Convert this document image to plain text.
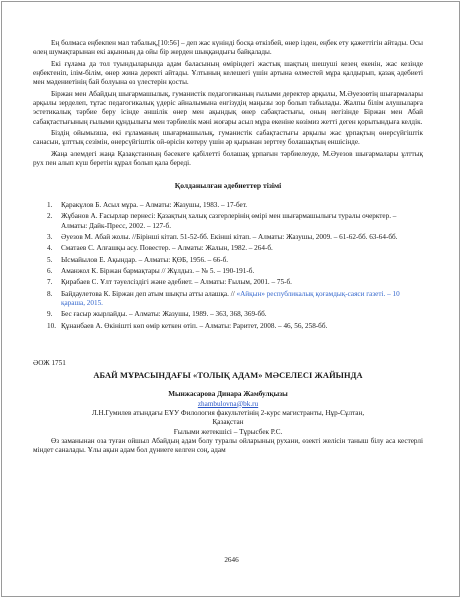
Ең болмаса еңбекпен мал табалық,[10:56] – деп жас күнінді босқа өткізбей, өнер ізден, еңбек ету қажеттігін айтады. Осы өлең шумақтарынан екі ақынның да ойы бір жерден шыққандығы байқалады.

Екі ғұлама да тол туындыларында адам баласының өміріндегі жастық шақтың шешуші кезең екенін, жас кезінде еңбектеніп, ілім-білім, өнер жина деректі айтады. Ұлтының келешегі үшін артына өлместей мұра қалдырып, қазақ әдебиеті мен мәдениетінің бай болуына өз үлестерін қосты.

Біржан мен Абайдың шығармашылық, гуманистік педагогиканың ғылыми деректер арқылы, М.Әуезовтің шығармалары арқылы зерделеп, тұтас педагогикалық үдеріс айналымына енгізудің маңызы зор болып табылады. Жалпы білім алушыларға эстетикалық тәрбие беру ісінде әншілік өнер мен ақындық өнер сабақтастығы, оның негізінде Біржан мен Абай сабақтастығының ғылыми құндылығы мен тәрбиелік мәні жоғары асыл мұра екеніне көзімиз жетті деген қорытындыға келдік.

Біздің ойымызша, екі ғұламаның шығармашылық, гуманистік сабақтастығы арқылы жас ұрпақтың өнерсүйгіштік санасын, ұлттық сезімін, өнерсүйгіштік ой-өрісін көтеру үшін әр қырынан зерттеу болашақтың еншісінде.

Жаңа әлемдегі жаңа Қазақстанның бәсекеге қабілетті болашақ ұрпағын тәрбиелеуде, М.Әуезов шығармалары ұлттық рух пен алып күш беретін құрал болып қала береді.

Қолданылған әдебиеттер тізімі
1. Қаракұлов Б. Асыл мұра. – Алматы: Жазушы, 1983. – 17-бет.
2. Жұбанов А. Ғасырлар пернесі: Қазақтың халық сазгерлерінің өмірі мен шығармашылығы туралы очерктер. – Алматы: Дайк-Пресс, 2002. – 127-б.
3. Әуезов М. Абай жолы. //Бірінші кітап. 51-52-бб. Екінші кітап. – Алматы: Жазушы, 2009. – 61-62-бб. 63-64-бб.
4. Сматаев С. Алғашқы асу. Повестер. – Алматы: Жалын, 1982. – 264-б.
5. Ысмайылов Е. Ақындар. – Алматы: ҚӨБ, 1956. – 66-б.
6. Аманжол К. Біржан бармақтары // Жұлдыз. – № 5. – 190-191-б.
7. Қирабаев С. Ұлт тәуелсіздігі және әдебиет. – Алматы: Ғылым, 2001. – 75-б.
8. Байдаулетова К. Біржан деп атым шықты атты алашқа. // «Айқын» республикалық қоғамдық-саяси газеті. – 10 қараша, 2015.
9. Бес ғасыр жырлайды. – Алматы: Жазушы, 1989. – 363, 368, 369-бб.
10. Құнанбаев А. Өкінішті көп өмір кеткен өтіп. – Алматы: Раритет, 2008. – 46, 56, 258-бб.
ӘОЖ 1751
АБАЙ МҰРАСЫНДАҒЫ «ТОЛЫҚ АДАМ» МӘСЕЛЕСІ ЖАЙЫНДА
Мынжасарова Динара Жамбулқызы
zhambulovna@bk.ru
Л.Н.Гумилев атындағы ЕҰУ Филология факультетінің 2-курс магистранты, Нұр-Сұлтан,
Қазақстан
Ғылыми жетекшісі – Тұрысбек Р.С.

Өз заманынан оза туған ойшыл Абайдың адам болу туралы ойларының рухани, өзекті желісін таныш білу аса кестерлі міндет саналады. Ұлы ақын адам бол дүниеге келген соң, адам

2646
